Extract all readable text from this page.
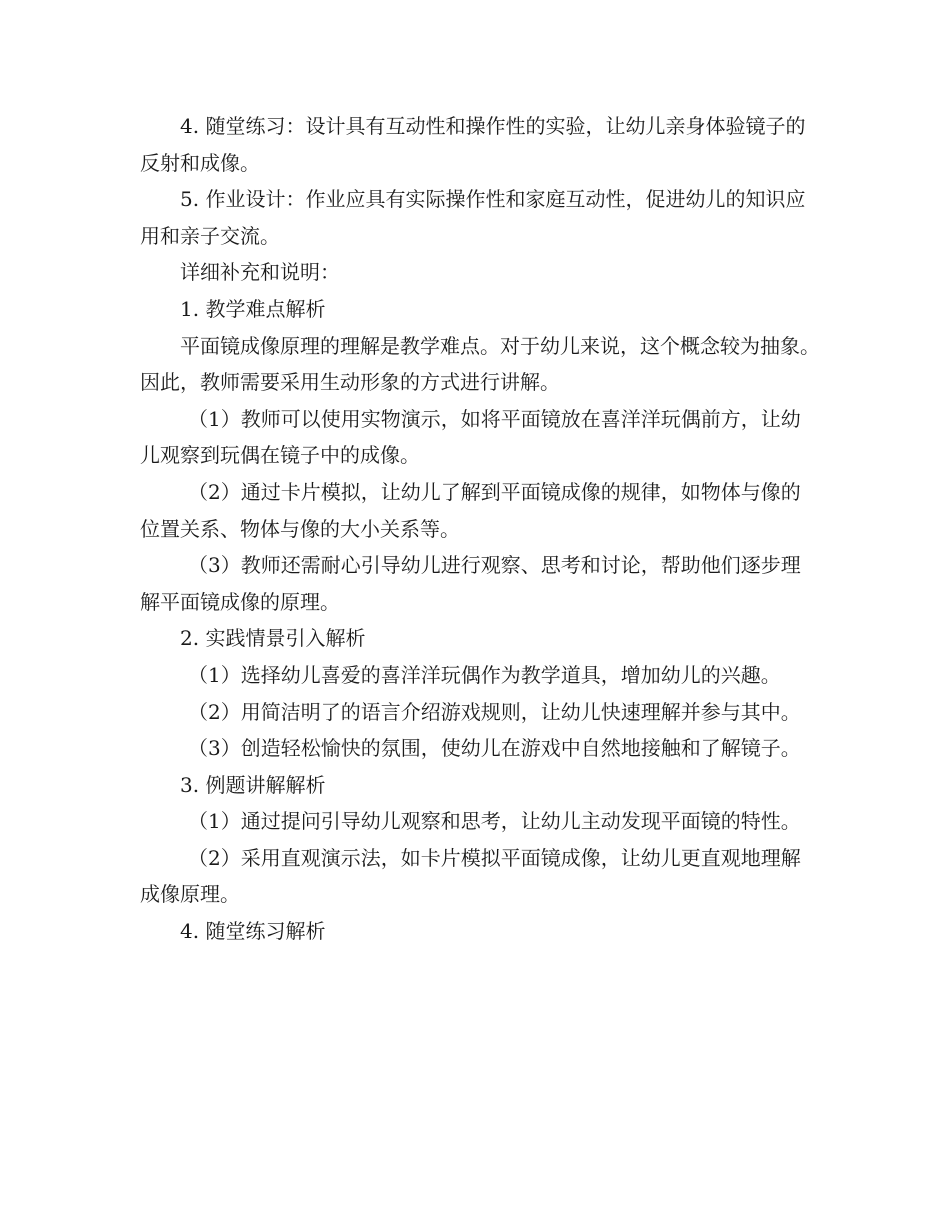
4. 随堂练习：设计具有互动性和操作性的实验，让幼儿亲身体验镜子的反射和成像。

5. 作业设计：作业应具有实际操作性和家庭互动性，促进幼儿的知识应用和亲子交流。

详细补充和说明：

1. 教学难点解析

平面镜成像原理的理解是教学难点。对于幼儿来说，这个概念较为抽象。因此，教师需要采用生动形象的方式进行讲解。

（1）教师可以使用实物演示，如将平面镜放在喜洋洋玩偶前方，让幼儿观察到玩偶在镜子中的成像。

（2）通过卡片模拟，让幼儿了解到平面镜成像的规律，如物体与像的位置关系、物体与像的大小关系等。

（3）教师还需耐心引导幼儿进行观察、思考和讨论，帮助他们逐步理解平面镜成像的原理。

2. 实践情景引入解析

（1）选择幼儿喜爱的喜洋洋玩偶作为教学道具，增加幼儿的兴趣。

（2）用简洁明了的语言介绍游戏规则，让幼儿快速理解并参与其中。

（3）创造轻松愉快的氛围，使幼儿在游戏中自然地接触和了解镜子。

3. 例题讲解解析

（1）通过提问引导幼儿观察和思考，让幼儿主动发现平面镜的特性。

（2）采用直观演示法，如卡片模拟平面镜成像，让幼儿更直观地理解成像原理。

4. 随堂练习解析
